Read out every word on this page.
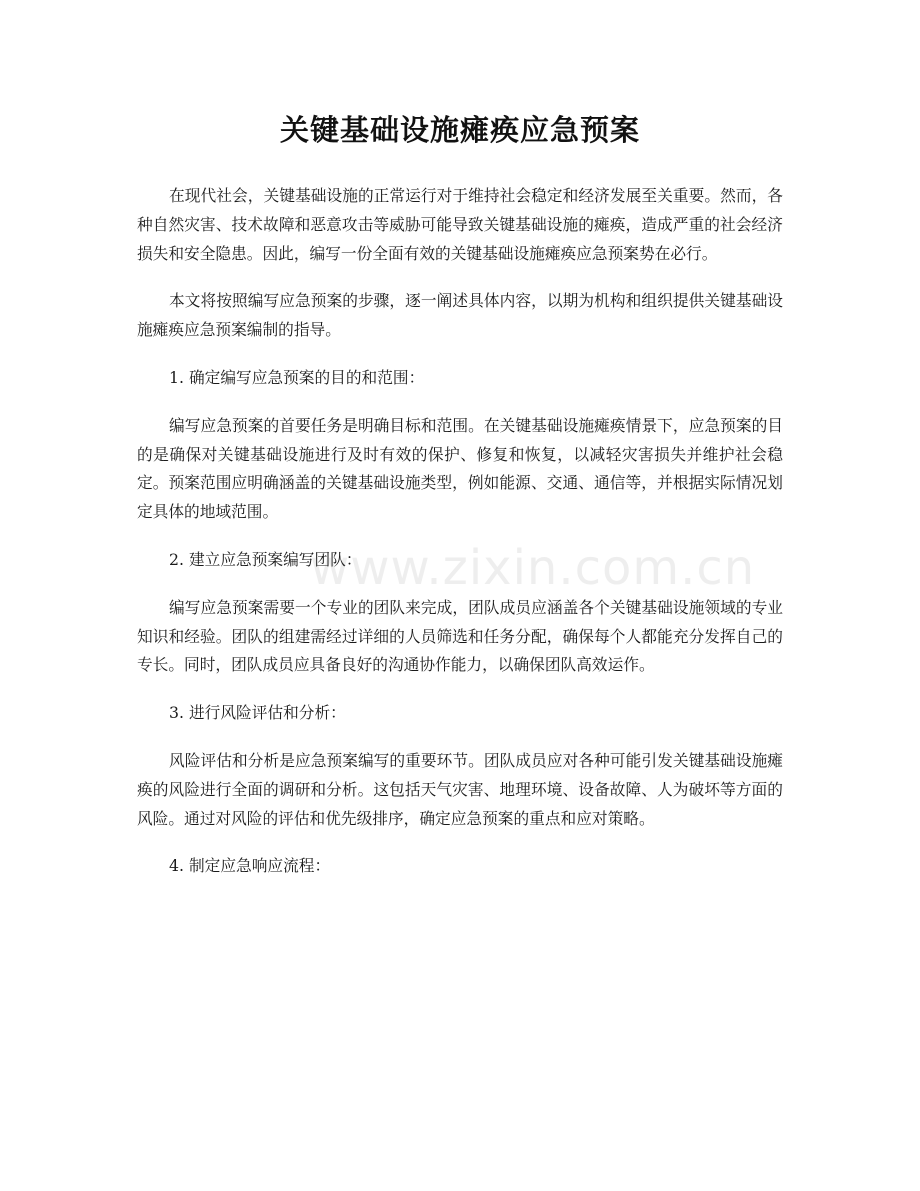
关键基础设施瘫痪应急预案

在现代社会，关键基础设施的正常运行对于维持社会稳定和经济发展至关重要。然而，各种自然灾害、技术故障和恶意攻击等威胁可能导致关键基础设施的瘫痪，造成严重的社会经济损失和安全隐患。因此，编写一份全面有效的关键基础设施瘫痪应急预案势在必行。

本文将按照编写应急预案的步骤，逐一阐述具体内容，以期为机构和组织提供关键基础设施瘫痪应急预案编制的指导。

1. 确定编写应急预案的目的和范围：

编写应急预案的首要任务是明确目标和范围。在关键基础设施瘫痪情景下，应急预案的目的是确保对关键基础设施进行及时有效的保护、修复和恢复，以减轻灾害损失并维护社会稳定。预案范围应明确涵盖的关键基础设施类型，例如能源、交通、通信等，并根据实际情况划定具体的地域范围。

2. 建立应急预案编写团队：

编写应急预案需要一个专业的团队来完成，团队成员应涵盖各个关键基础设施领域的专业知识和经验。团队的组建需经过详细的人员筛选和任务分配，确保每个人都能充分发挥自己的专长。同时，团队成员应具备良好的沟通协作能力，以确保团队高效运作。

3. 进行风险评估和分析：

风险评估和分析是应急预案编写的重要环节。团队成员应对各种可能引发关键基础设施瘫痪的风险进行全面的调研和分析。这包括天气灾害、地理环境、设备故障、人为破坏等方面的风险。通过对风险的评估和优先级排序，确定应急预案的重点和应对策略。

4. 制定应急响应流程：

www.zixin.com.cn
